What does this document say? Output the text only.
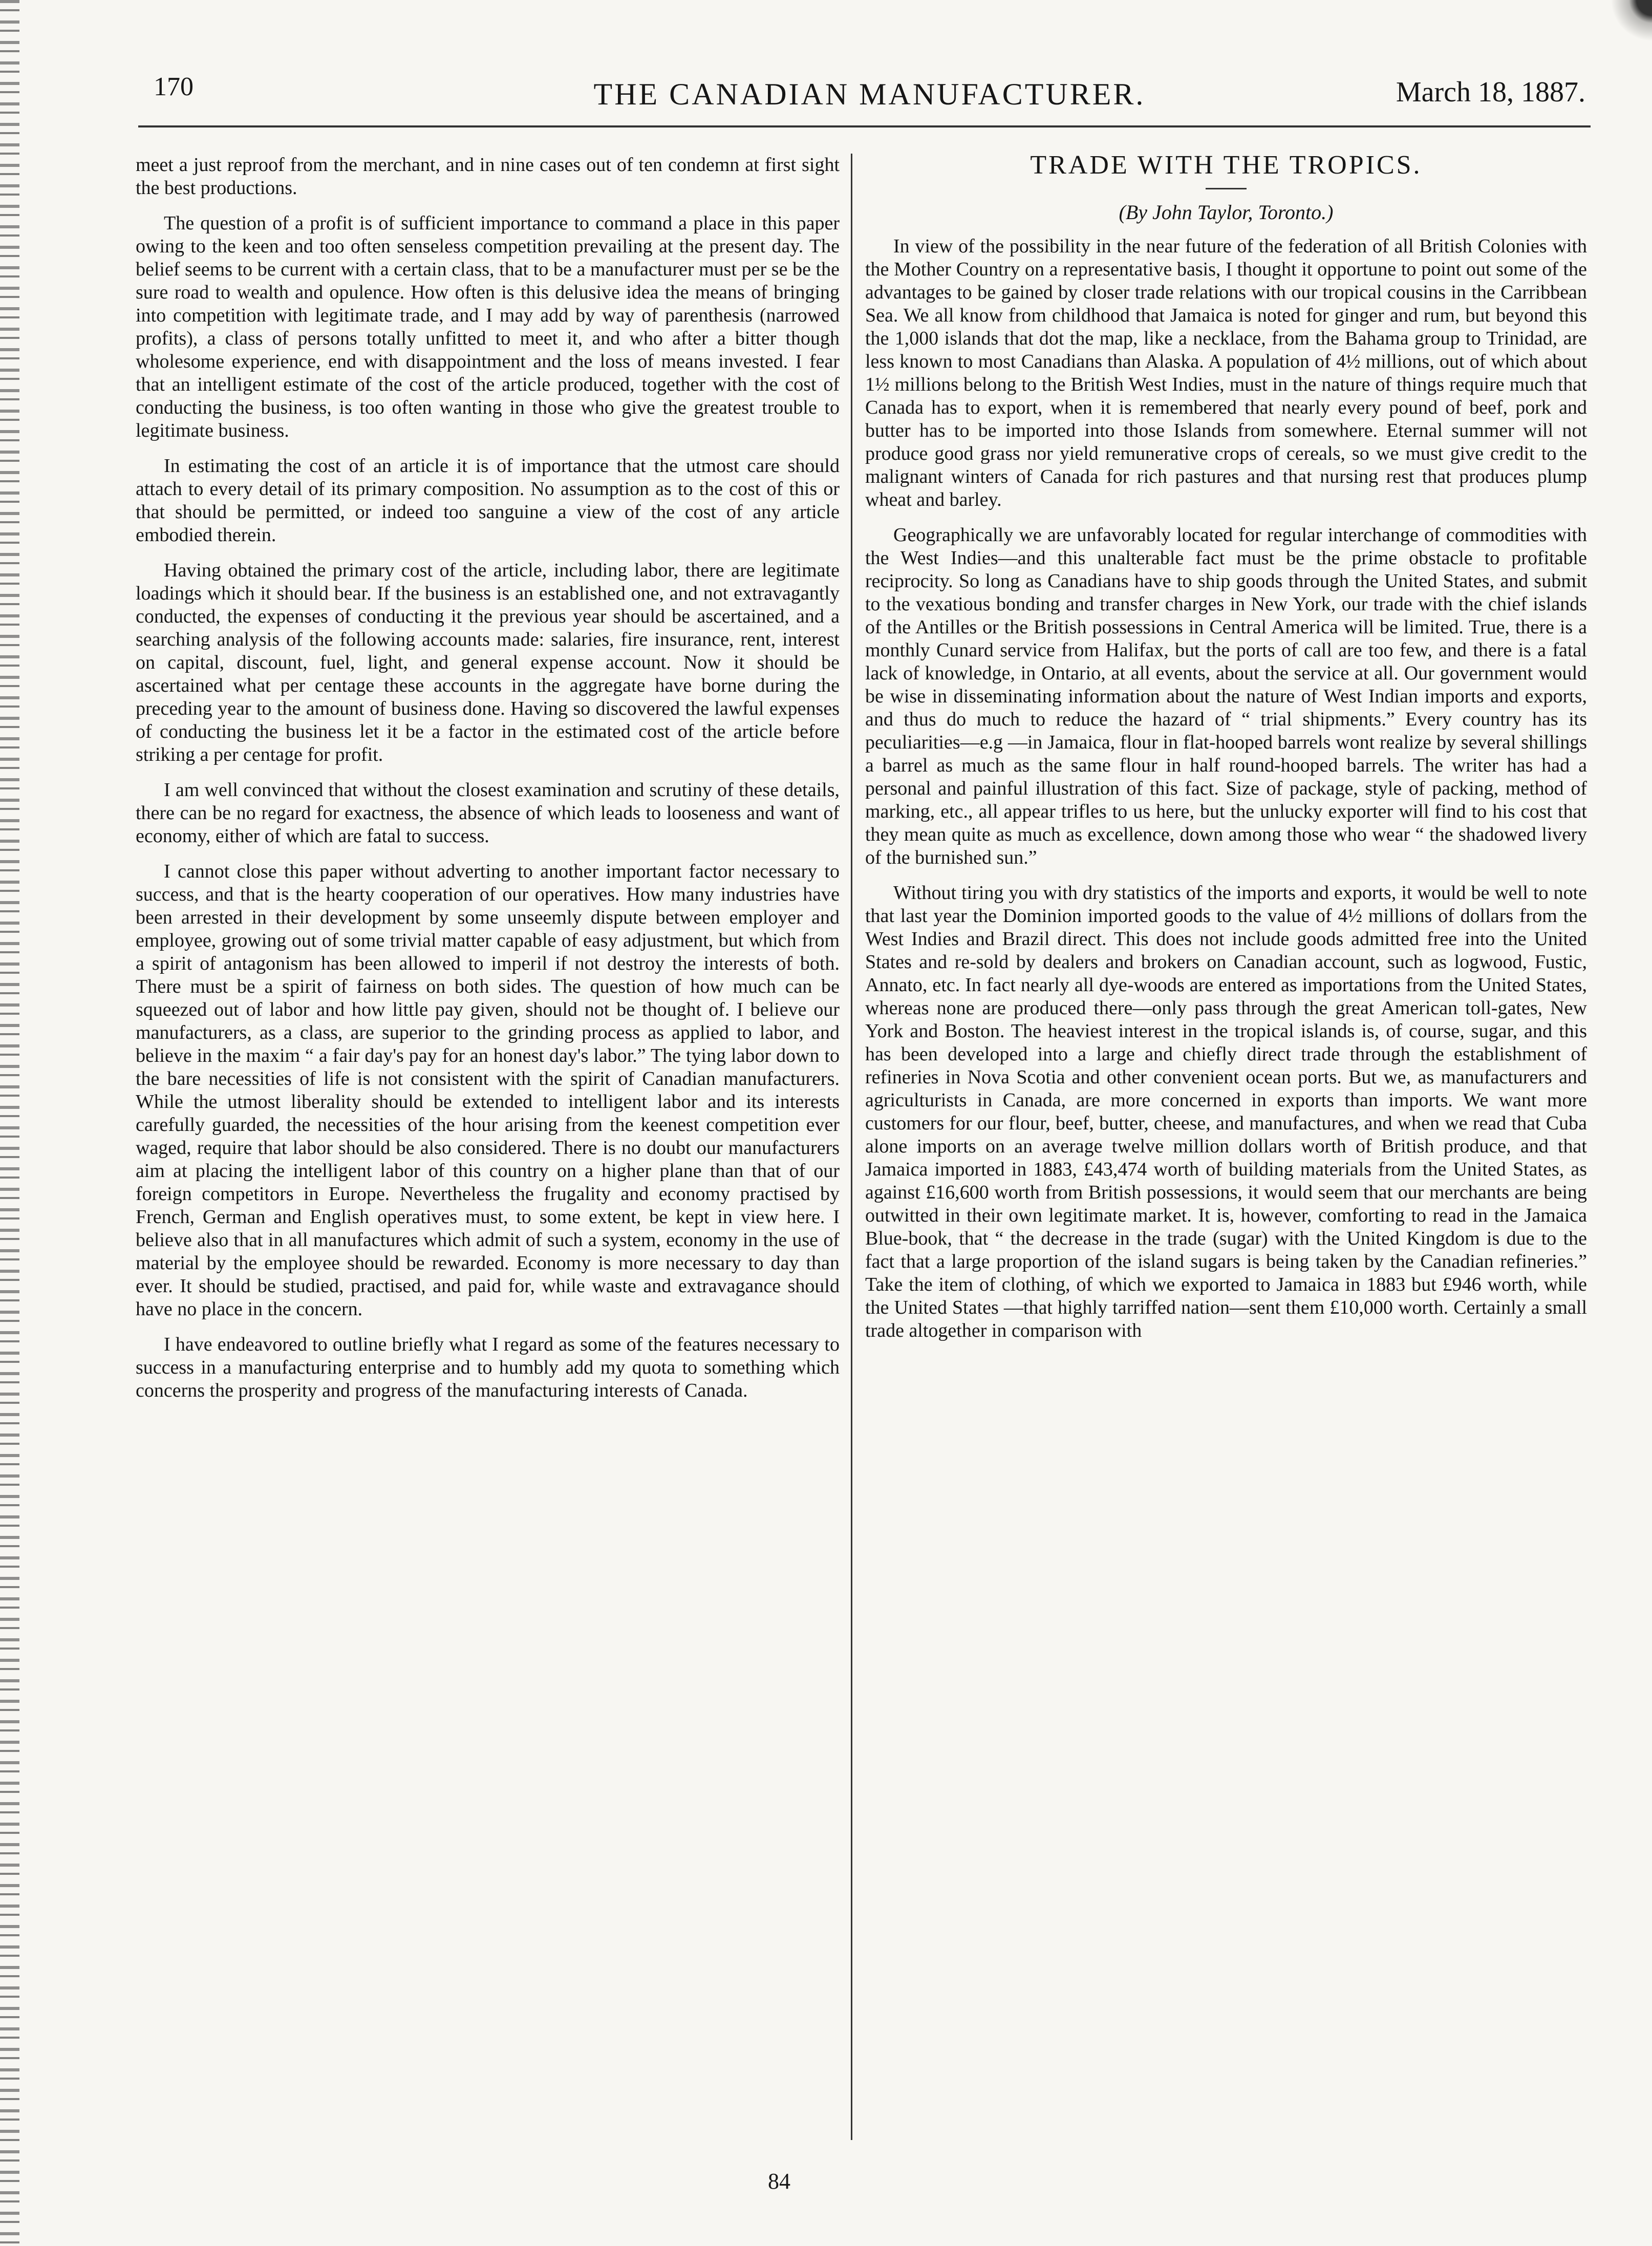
170	THE CANADIAN MANUFACTURER.	March 18, 1887.

meet a just reproof from the merchant, and in nine cases out of ten condemn at first sight the best productions.

The question of a profit is of sufficient importance to command a place in this paper owing to the keen and too often senseless competition prevailing at the present day. The belief seems to be current with a certain class, that to be a manufacturer must per se be the sure road to wealth and opulence. How often is this delusive idea the means of bringing into competition with legitimate trade, and I may add by way of parenthesis (narrowed profits), a class of persons totally unfitted to meet it, and who after a bitter though wholesome experience, end with disappointment and the loss of means invested. I fear that an intelligent estimate of the cost of the article produced, together with the cost of conducting the business, is too often wanting in those who give the greatest trouble to legitimate business.

In estimating the cost of an article it is of importance that the utmost care should attach to every detail of its primary composition. No assumption as to the cost of this or that should be permitted, or indeed too sanguine a view of the cost of any article embodied therein.

Having obtained the primary cost of the article, including labor, there are legitimate loadings which it should bear. If the business is an established one, and not extravagantly conducted, the expenses of conducting it the previous year should be ascertained, and a searching analysis of the following accounts made: salaries, fire insurance, rent, interest on capital, discount, fuel, light, and general expense account. Now it should be ascertained what per centage these accounts in the aggregate have borne during the preceding year to the amount of business done. Having so discovered the lawful expenses of conducting the business let it be a factor in the estimated cost of the article before striking a per centage for profit.

I am well convinced that without the closest examination and scrutiny of these details, there can be no regard for exactness, the absence of which leads to looseness and want of economy, either of which are fatal to success.

I cannot close this paper without adverting to another important factor necessary to success, and that is the hearty cooperation of our operatives. How many industries have been arrested in their development by some unseemly dispute between employer and employee, growing out of some trivial matter capable of easy adjustment, but which from a spirit of antagonism has been allowed to imperil if not destroy the interests of both. There must be a spirit of fairness on both sides. The question of how much can be squeezed out of labor and how little pay given, should not be thought of. I believe our manufacturers, as a class, are superior to the grinding process as applied to labor, and believe in the maxim “ a fair day's pay for an honest day's labor.” The tying labor down to the bare necessities of life is not consistent with the spirit of Canadian manufacturers. While the utmost liberality should be extended to intelligent labor and its interests carefully guarded, the necessities of the hour arising from the keenest competition ever waged, require that labor should be also considered. There is no doubt our manufacturers aim at placing the intelligent labor of this country on a higher plane than that of our foreign competitors in Europe. Nevertheless the frugality and economy practised by French, German and English operatives must, to some extent, be kept in view here. I believe also that in all manufactures which admit of such a system, economy in the use of material by the employee should be rewarded. Economy is more necessary to day than ever. It should be studied, practised, and paid for, while waste and extravagance should have no place in the concern.

I have endeavored to outline briefly what I regard as some of the features necessary to success in a manufacturing enterprise and to humbly add my quota to something which concerns the prosperity and progress of the manufacturing interests of Canada.

TRADE WITH THE TROPICS.
(By John Taylor, Toronto.)

In view of the possibility in the near future of the federation of all British Colonies with the Mother Country on a representative basis, I thought it opportune to point out some of the advantages to be gained by closer trade relations with our tropical cousins in the Carribbean Sea. We all know from childhood that Jamaica is noted for ginger and rum, but beyond this the 1,000 islands that dot the map, like a necklace, from the Bahama group to Trinidad, are less known to most Canadians than Alaska. A population of 4½ millions, out of which about 1½ millions belong to the British West Indies, must in the nature of things require much that Canada has to export, when it is remembered that nearly every pound of beef, pork and butter has to be imported into those Islands from somewhere. Eternal summer will not produce good grass nor yield remunerative crops of cereals, so we must give credit to the malignant winters of Canada for rich pastures and that nursing rest that produces plump wheat and barley.

Geographically we are unfavorably located for regular interchange of commodities with the West Indies—and this unalterable fact must be the prime obstacle to profitable reciprocity. So long as Canadians have to ship goods through the United States, and submit to the vexatious bonding and transfer charges in New York, our trade with the chief islands of the Antilles or the British possessions in Central America will be limited. True, there is a monthly Cunard service from Halifax, but the ports of call are too few, and there is a fatal lack of knowledge, in Ontario, at all events, about the service at all. Our government would be wise in disseminating information about the nature of West Indian imports and exports, and thus do much to reduce the hazard of “ trial shipments.” Every country has its peculiarities—e.g —in Jamaica, flour in flat-hooped barrels wont realize by several shillings a barrel as much as the same flour in half round-hooped barrels. The writer has had a personal and painful illustration of this fact. Size of package, style of packing, method of marking, etc., all appear trifles to us here, but the unlucky exporter will find to his cost that they mean quite as much as excellence, down among those who wear “ the shadowed livery of the burnished sun.”

Without tiring you with dry statistics of the imports and exports, it would be well to note that last year the Dominion imported goods to the value of 4½ millions of dollars from the West Indies and Brazil direct. This does not include goods admitted free into the United States and re-sold by dealers and brokers on Canadian account, such as logwood, Fustic, Annato, etc. In fact nearly all dye-woods are entered as importations from the United States, whereas none are produced there—only pass through the great American toll-gates, New York and Boston. The heaviest interest in the tropical islands is, of course, sugar, and this has been developed into a large and chiefly direct trade through the establishment of refineries in Nova Scotia and other convenient ocean ports. But we, as manufacturers and agriculturists in Canada, are more concerned in exports than imports. We want more customers for our flour, beef, butter, cheese, and manufactures, and when we read that Cuba alone imports on an average twelve million dollars worth of British produce, and that Jamaica imported in 1883, £43,474 worth of building materials from the United States, as against £16,600 worth from British possessions, it would seem that our merchants are being outwitted in their own legitimate market. It is, however, comforting to read in the Jamaica Blue-book, that “ the decrease in the trade (sugar) with the United Kingdom is due to the fact that a large proportion of the island sugars is being taken by the Canadian refineries.” Take the item of clothing, of which we exported to Jamaica in 1883 but £946 worth, while the United States —that highly tarriffed nation—sent them £10,000 worth. Certainly a small trade altogether in comparison with

84
